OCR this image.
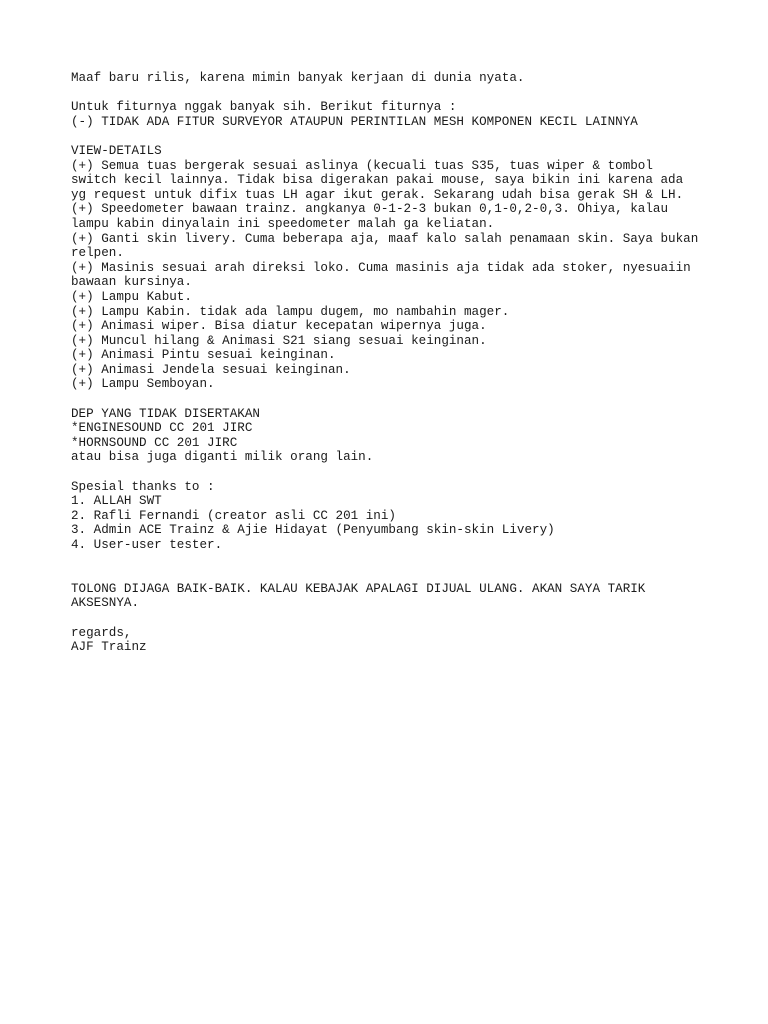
Maaf baru rilis, karena mimin banyak kerjaan di dunia nyata.
Untuk fiturnya nggak banyak sih. Berikut fiturnya :
(-) TIDAK ADA FITUR SURVEYOR ATAUPUN PERINTILAN MESH KOMPONEN KECIL LAINNYA
VIEW-DETAILS
(+) Semua tuas bergerak sesuai aslinya (kecuali tuas S35, tuas wiper & tombol
switch kecil lainnya. Tidak bisa digerakan pakai mouse, saya bikin ini karena ada
yg request untuk difix tuas LH agar ikut gerak. Sekarang udah bisa gerak SH & LH.
(+) Speedometer bawaan trainz. angkanya 0-1-2-3 bukan 0,1-0,2-0,3. Ohiya, kalau
lampu kabin dinyalain ini speedometer malah ga keliatan.
(+) Ganti skin livery. Cuma beberapa aja, maaf kalo salah penamaan skin. Saya bukan
relpen.
(+) Masinis sesuai arah direksi loko. Cuma masinis aja tidak ada stoker, nyesuaiin
bawaan kursinya.
(+) Lampu Kabut.
(+) Lampu Kabin. tidak ada lampu dugem, mo nambahin mager.
(+) Animasi wiper. Bisa diatur kecepatan wipernya juga.
(+) Muncul hilang & Animasi S21 siang sesuai keinginan.
(+) Animasi Pintu sesuai keinginan.
(+) Animasi Jendela sesuai keinginan.
(+) Lampu Semboyan.
DEP YANG TIDAK DISERTAKAN
*ENGINESOUND CC 201 JIRC
*HORNSOUND CC 201 JIRC
atau bisa juga diganti milik orang lain.
Spesial thanks to :
1. ALLAH SWT
2. Rafli Fernandi (creator asli CC 201 ini)
3. Admin ACE Trainz & Ajie Hidayat (Penyumbang skin-skin Livery)
4. User-user tester.
TOLONG DIJAGA BAIK-BAIK. KALAU KEBAJAK APALAGI DIJUAL ULANG. AKAN SAYA TARIK
AKSESNYA.
regards,
AJF Trainz
